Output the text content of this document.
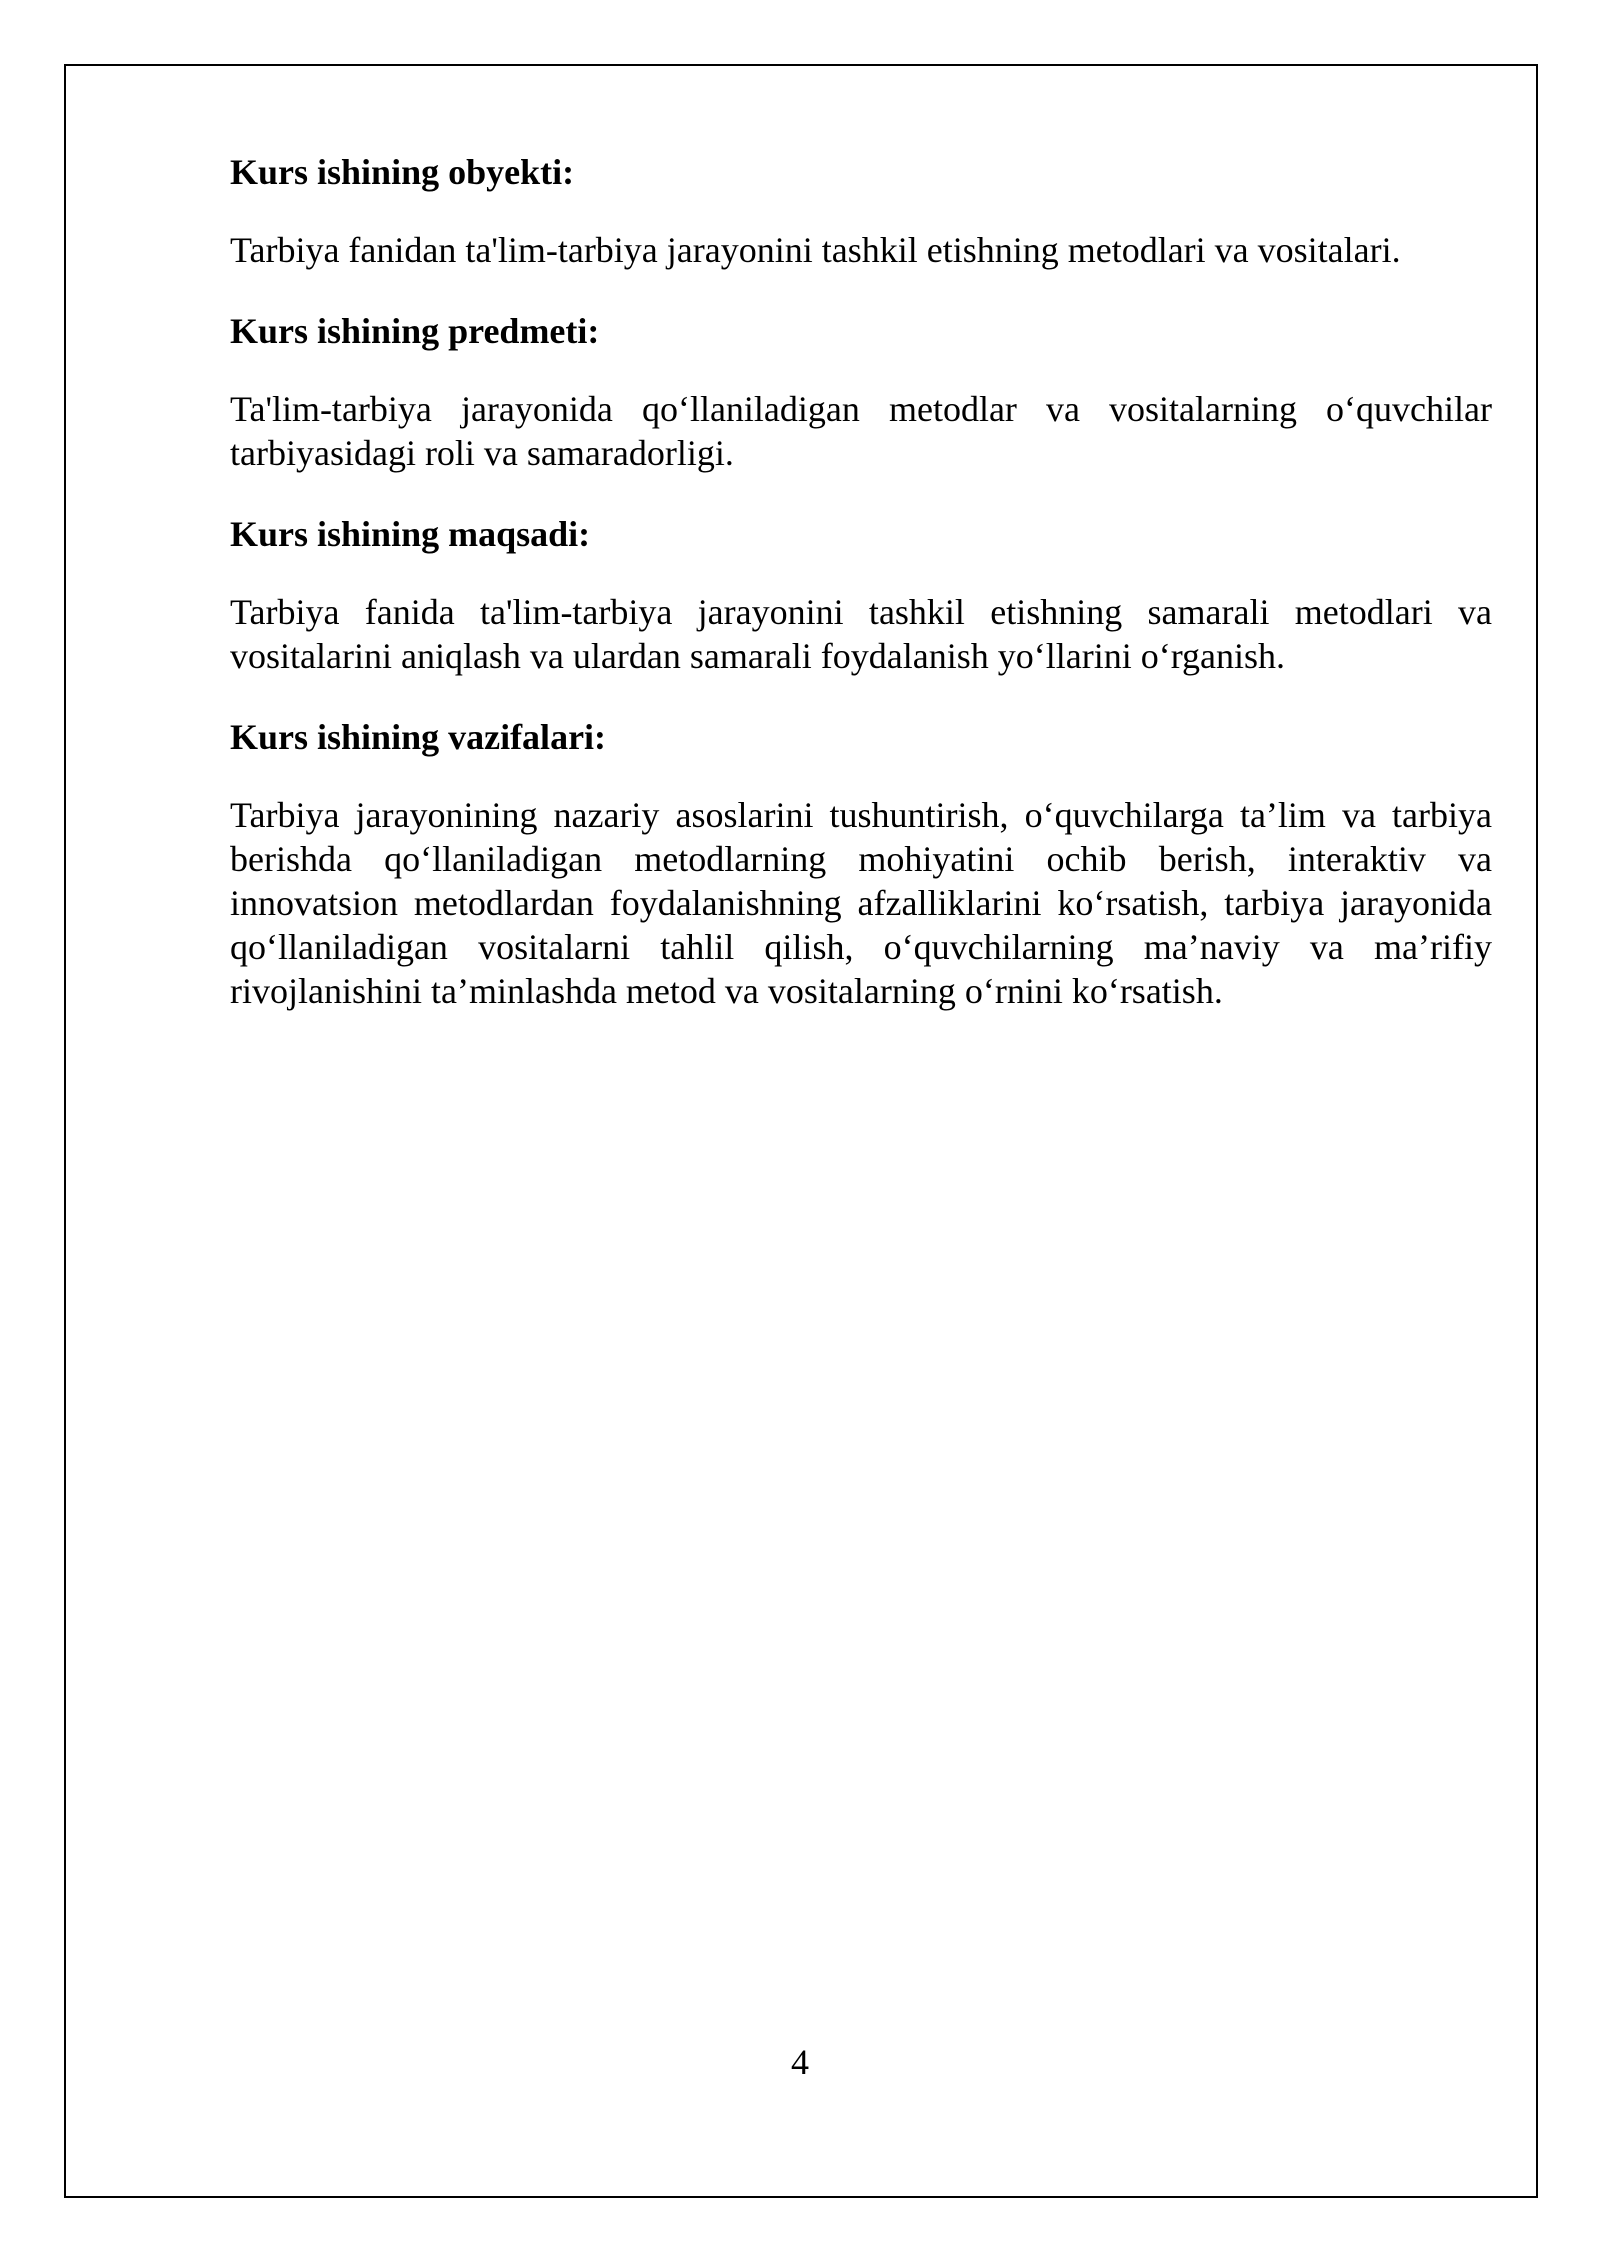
Kurs ishining obyekti:

Tarbiya fanidan ta'lim-tarbiya jarayonini tashkil etishning metodlari va vositalari.

Kurs ishining predmeti:

Ta'lim-tarbiya jarayonida qo‘llaniladigan metodlar va vositalarning o‘quvchilar tarbiyasidagi roli va samaradorligi.

Kurs ishining maqsadi:

Tarbiya fanida ta'lim-tarbiya jarayonini tashkil etishning samarali metodlari va vositalarini aniqlash va ulardan samarali foydalanish yo‘llarini o‘rganish.

Kurs ishining vazifalari:

Tarbiya jarayonining nazariy asoslarini tushuntirish, o‘quvchilarga ta’lim va tarbiya berishda qo‘llaniladigan metodlarning mohiyatini ochib berish, interaktiv va innovatsion metodlardan foydalanishning afzalliklarini ko‘rsatish, tarbiya jarayonida qo‘llaniladigan vositalarni tahlil qilish, o‘quvchilarning ma’naviy va ma’rifiy rivojlanishini ta’minlashda metod va vositalarning o‘rnini ko‘rsatish.

4
